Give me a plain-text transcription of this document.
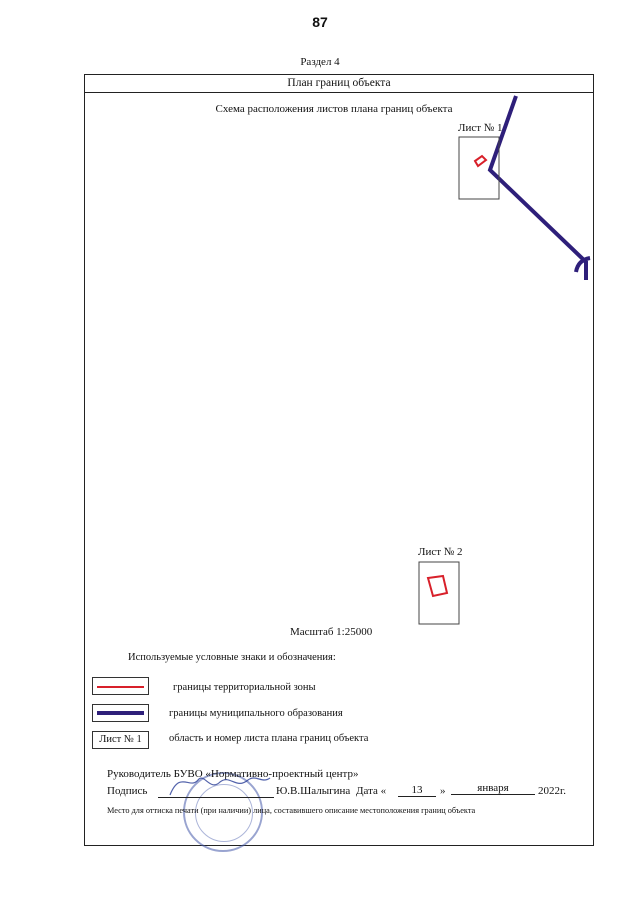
87
Раздел 4
План границ объекта
Схема расположения листов плана границ объекта
Лист № 1
Лист № 2
Масштаб 1:25000
Используемые условные знаки и обозначения:
границы территориальной зоны
границы муниципального образования
Лист № 1	область и номер листа плана границ объекта
Руководитель БУВО «Нормативно-проектный центр»
Подпись	Ю.В.Шалыгина Дата «	13	»	января	2022г.
Место для оттиска печати (при наличии) лица, составившего описание местоположения границ объекта
